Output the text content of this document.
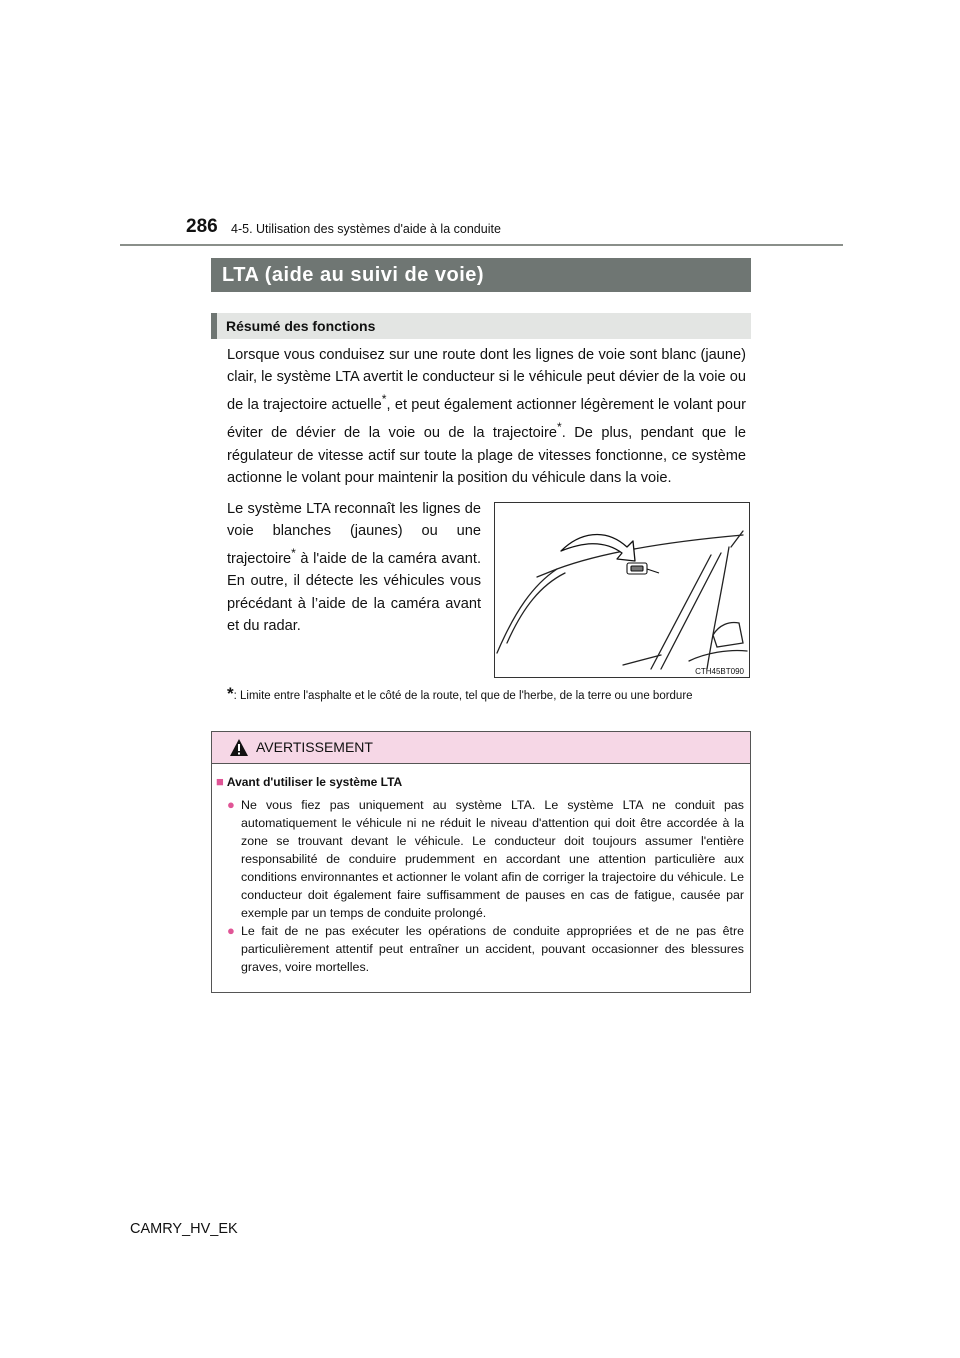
286 4-5. Utilisation des systèmes d'aide à la conduite
LTA (aide au suivi de voie)
Résumé des fonctions
Lorsque vous conduisez sur une route dont les lignes de voie sont blanc (jaune) clair, le système LTA avertit le conducteur si le véhicule peut dévier de la voie ou de la trajectoire actuelle*, et peut également actionner légèrement le volant pour éviter de dévier de la voie ou de la trajectoire*. De plus, pendant que le régulateur de vitesse actif sur toute la plage de vitesses fonctionne, ce système actionne le volant pour maintenir la position du véhicule dans la voie.
Le système LTA reconnaît les lignes de voie blanches (jaunes) ou une trajectoire* à l'aide de la caméra avant. En outre, il détecte les véhicules vous précédant à l’aide de la caméra avant et du radar.
CTH45BT090
*: Limite entre l'asphalte et le côté de la route, tel que de l'herbe, de la terre ou une bordure
AVERTISSEMENT
■ Avant d'utiliser le système LTA
● Ne vous fiez pas uniquement au système LTA. Le système LTA ne conduit pas automatiquement le véhicule ni ne réduit le niveau d'attention qui doit être accordée à la zone se trouvant devant le véhicule. Le conducteur doit toujours assumer l'entière responsabilité de conduire prudemment en accordant une attention particulière aux conditions environnantes et actionner le volant afin de corriger la trajectoire du véhicule. Le conducteur doit également faire suffisamment de pauses en cas de fatigue, causée par exemple par un temps de conduite prolongé.
● Le fait de ne pas exécuter les opérations de conduite appropriées et de ne pas être particulièrement attentif peut entraîner un accident, pouvant occasionner des blessures graves, voire mortelles.
CAMRY_HV_EK
